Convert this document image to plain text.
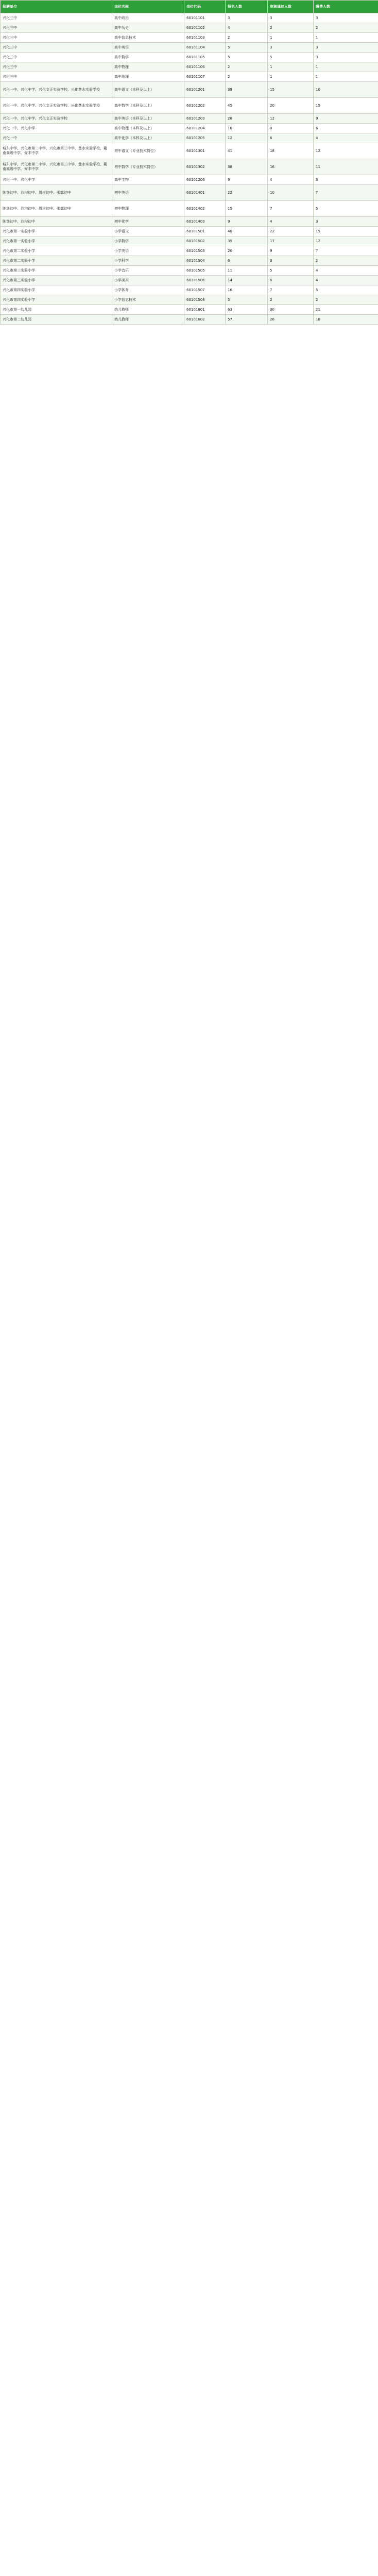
招聘单位	岗位名称	岗位代码	报名人数	审核通过人数	缴费人数
兴化三中	高中政治	60101101	3	3	3
兴化三中	高中历史	60101102	4	2	2
兴化三中	高中信息技术	60101103	2	1	1
兴化三中	高中英语	60101104	5	3	3
兴化三中	高中数学	60101105	5	5	3
兴化三中	高中物理	60101106	2	1	1
兴化三中	高中地理	60101107	2	1	1
兴化一中、兴化中学、兴化文正实验学校、兴化楚水实验学校	高中语文（本科及以上）	60101201	39	15	10
兴化一中、兴化中学、兴化文正实验学校、兴化楚水实验学校	高中数学（本科及以上）	60101202	45	20	15
兴化一中、兴化中学、兴化文正实验学校	高中英语（本科及以上）	60101203	28	12	9
兴化一中、兴化中学	高中物理（本科及以上）	60101204	18	8	6
兴化一中	高中化学（本科及以上）	60101205	12	6	4
城东中学、兴化市第二中学、兴化市第三中学、楚水实验学校、戴南高级中学、安丰中学	初中语文（专业技术岗位）	60101301	41	18	12
城东中学、兴化市第二中学、兴化市第三中学、楚水实验学校、戴南高级中学、安丰中学	初中数学（专业技术岗位）	60101302	38	16	11
兴化一中、兴化中学	高中生物	60101206	9	4	3
陈堡初中、沙沟初中、周庄初中、张郭初中	初中英语	60101401	22	10	7
陈堡初中、沙沟初中、周庄初中、张郭初中	初中物理	60101402	15	7	5
陈堡初中、沙沟初中	初中化学	60101403	9	4	3
兴化市第一实验小学	小学语文	60101501	48	22	15
兴化市第一实验小学	小学数学	60101502	35	17	12
兴化市第二实验小学	小学英语	60101503	20	9	7
兴化市第二实验小学	小学科学	60101504	6	3	2
兴化市第三实验小学	小学音乐	60101505	11	5	4
兴化市第三实验小学	小学美术	60101506	14	6	4
兴化市第四实验小学	小学体育	60101507	16	7	5
兴化市第四实验小学	小学信息技术	60101508	5	2	2
兴化市第一幼儿园	幼儿教师	60101601	63	30	21
兴化市第二幼儿园	幼儿教师	60101602	57	26	18
